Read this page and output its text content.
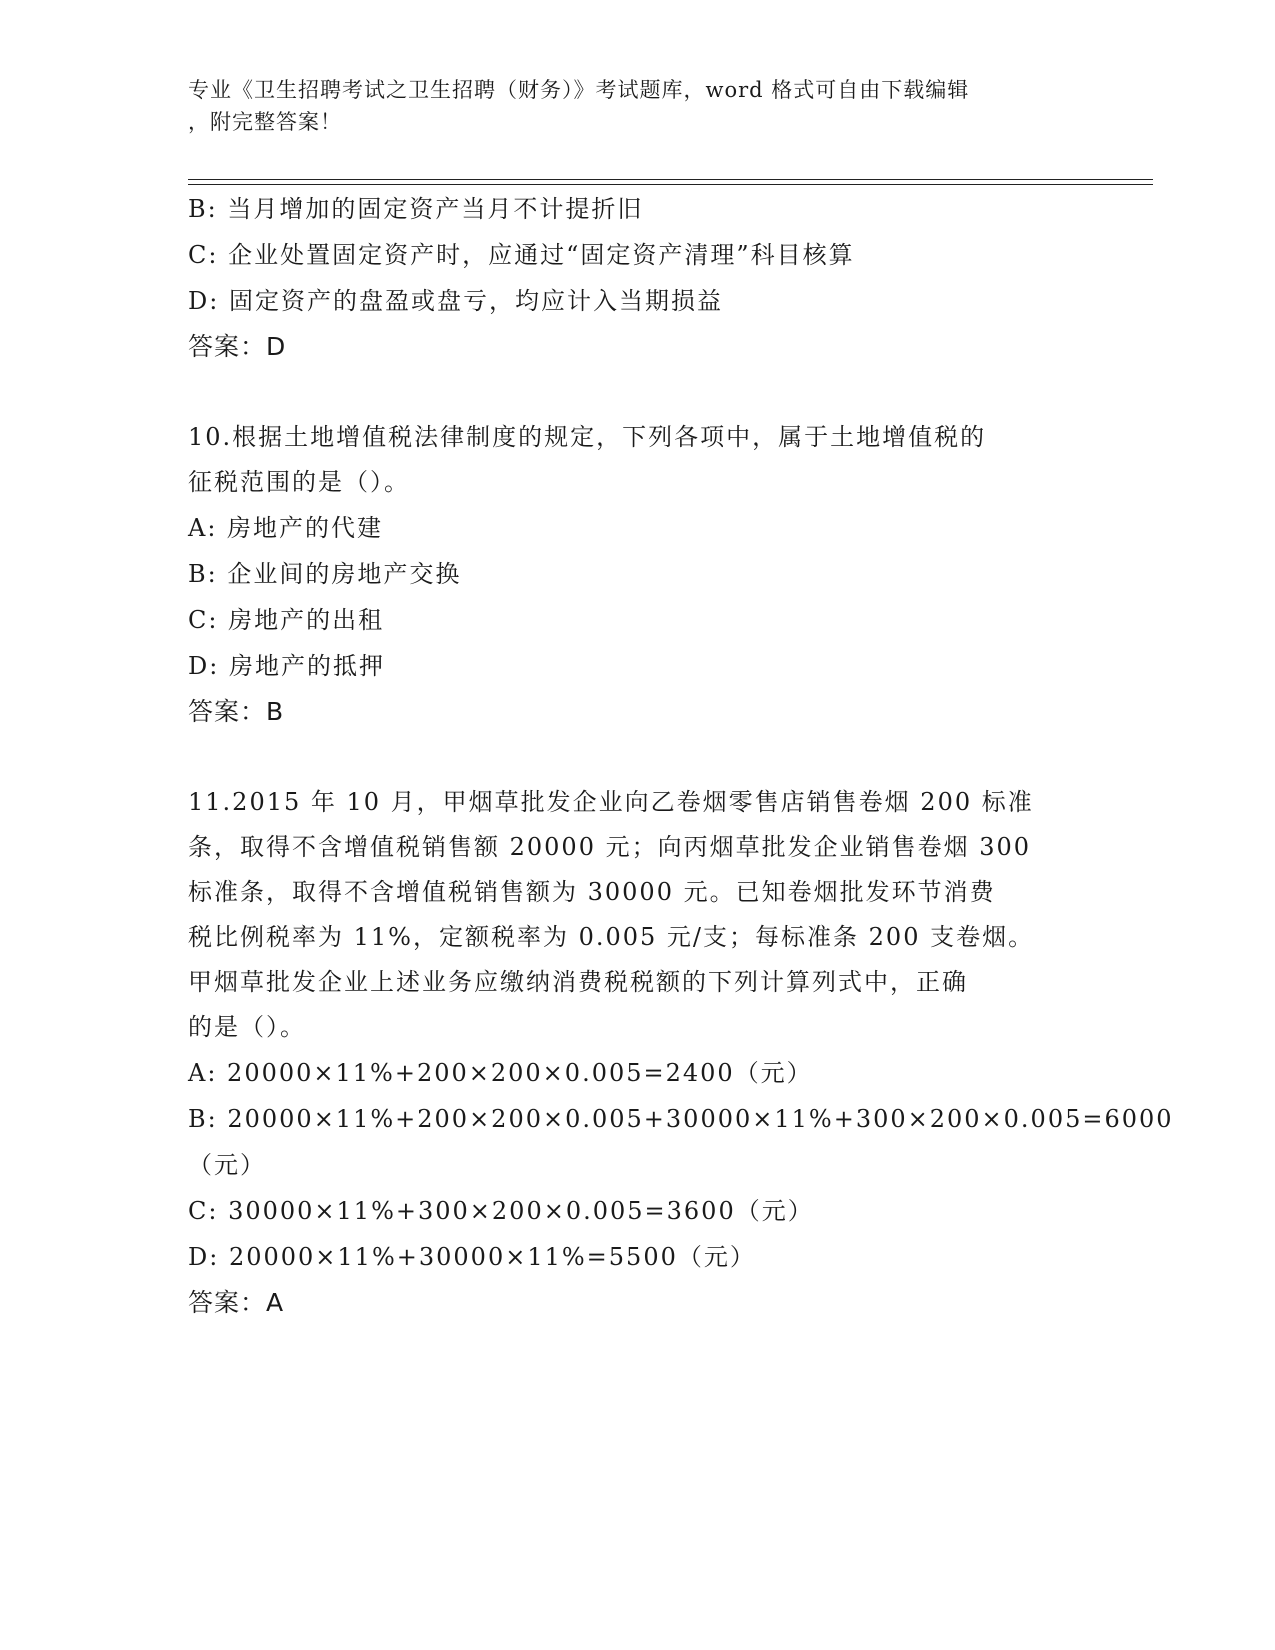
专业《卫生招聘考试之卫生招聘（财务）》考试题库，word 格式可自由下载编辑
，附完整答案！
B: 当月增加的固定资产当月不计提折旧
C: 企业处置固定资产时，应通过“固定资产清理”科目核算
D: 固定资产的盘盈或盘亏，均应计入当期损益
答案：D
10.根据土地增值税法律制度的规定，下列各项中，属于土地增值税的
征税范围的是（）。
A: 房地产的代建
B: 企业间的房地产交换
C: 房地产的出租
D: 房地产的抵押
答案：B
11.2015 年 10 月，甲烟草批发企业向乙卷烟零售店销售卷烟 200 标准
条，取得不含增值税销售额 20000 元；向丙烟草批发企业销售卷烟 300
标准条，取得不含增值税销售额为 30000 元。已知卷烟批发环节消费
税比例税率为 11%，定额税率为 0.005 元/支；每标准条 200 支卷烟。
甲烟草批发企业上述业务应缴纳消费税税额的下列计算列式中，正确
的是（）。
A: 20000×11%+200×200×0.005=2400（元）
B: 20000×11%+200×200×0.005+30000×11%+300×200×0.005=6000
（元）
C: 30000×11%+300×200×0.005=3600（元）
D: 20000×11%+30000×11%=5500（元）
答案：A
